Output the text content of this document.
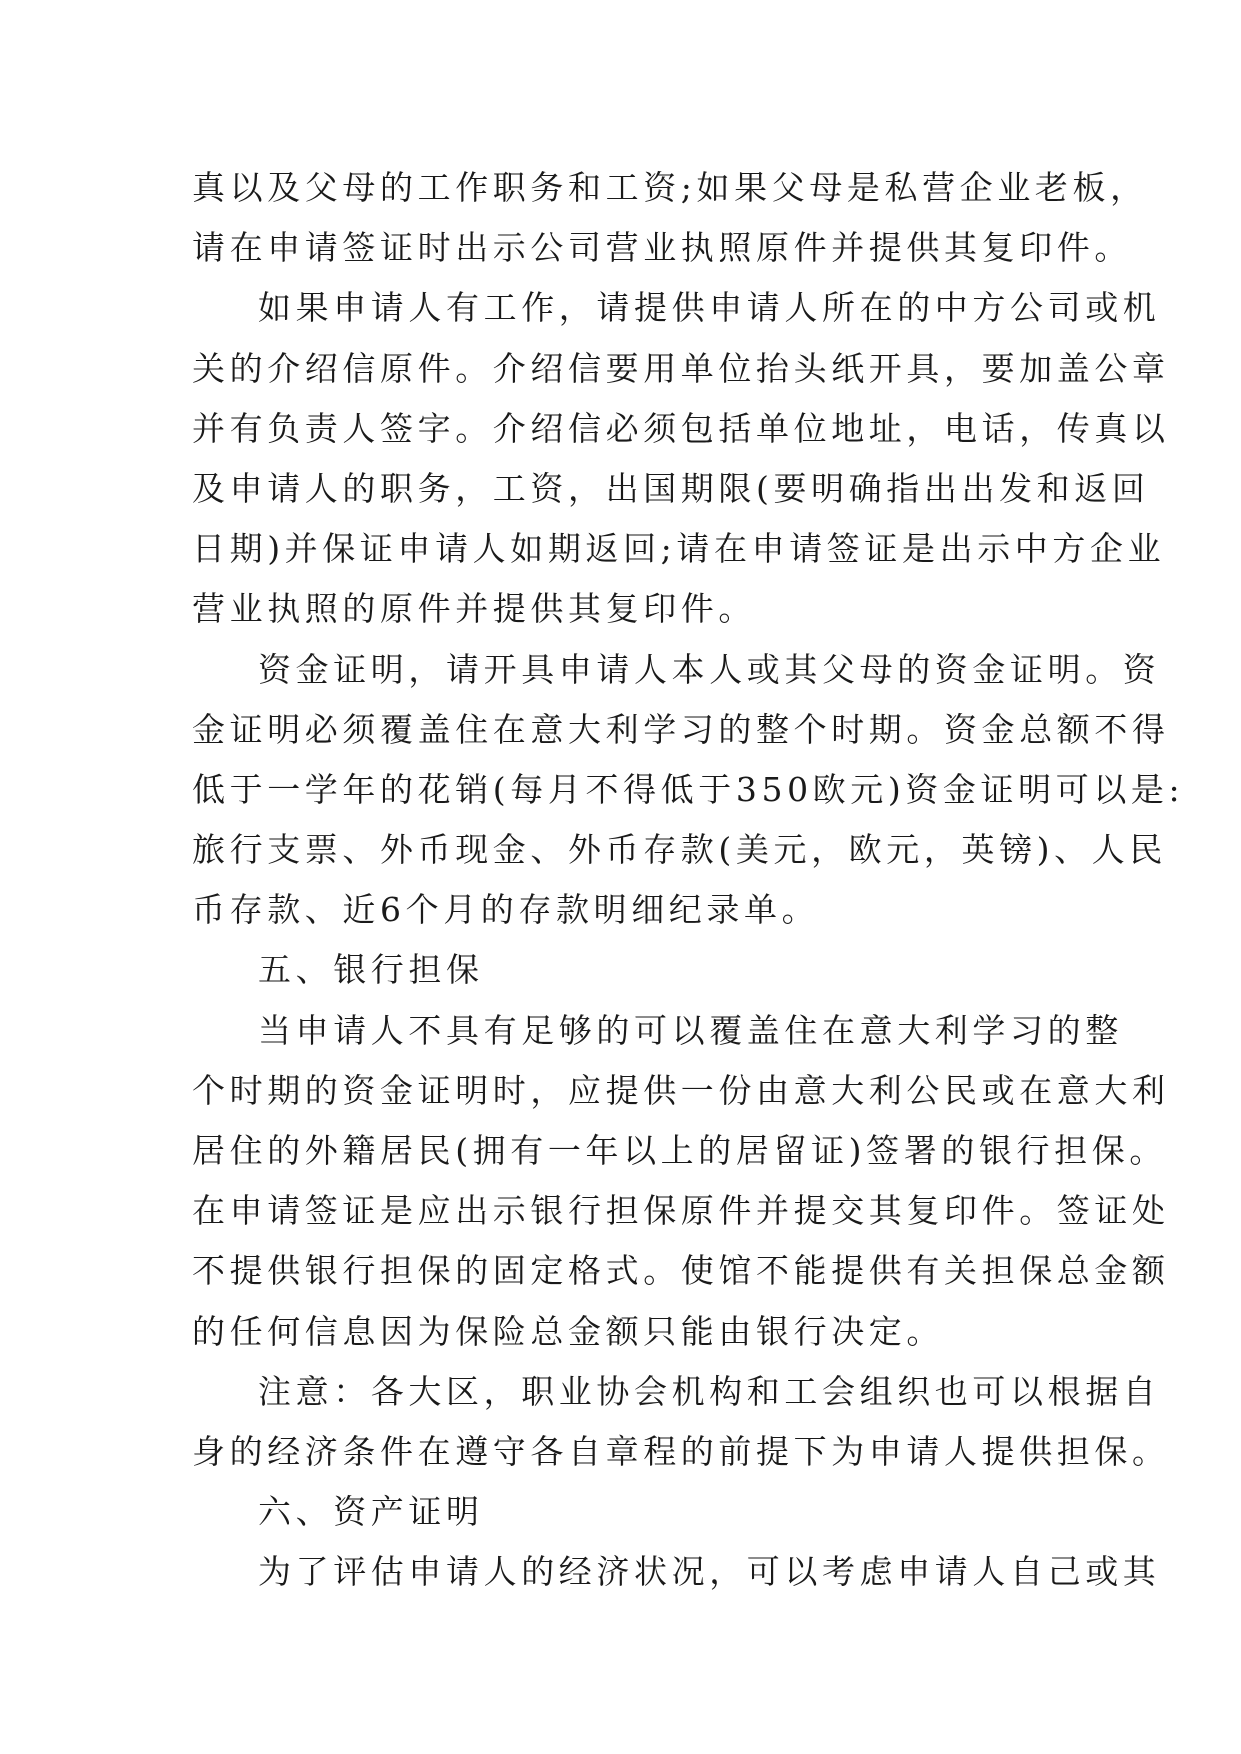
真以及父母的工作职务和工资;如果父母是私营企业老板，
请在申请签证时出示公司营业执照原件并提供其复印件。
如果申请人有工作，请提供申请人所在的中方公司或机
关的介绍信原件。介绍信要用单位抬头纸开具，要加盖公章
并有负责人签字。介绍信必须包括单位地址，电话，传真以
及申请人的职务，工资，出国期限(要明确指出出发和返回
日期)并保证申请人如期返回;请在申请签证是出示中方企业
营业执照的原件并提供其复印件。
资金证明，请开具申请人本人或其父母的资金证明。资
金证明必须覆盖住在意大利学习的整个时期。资金总额不得
低于一学年的花销(每月不得低于350欧元)资金证明可以是:
旅行支票、外币现金、外币存款(美元，欧元，英镑)、人民
币存款、近6个月的存款明细纪录单。
五、银行担保
当申请人不具有足够的可以覆盖住在意大利学习的整
个时期的资金证明时，应提供一份由意大利公民或在意大利
居住的外籍居民(拥有一年以上的居留证)签署的银行担保。
在申请签证是应出示银行担保原件并提交其复印件。签证处
不提供银行担保的固定格式。使馆不能提供有关担保总金额
的任何信息因为保险总金额只能由银行决定。
注意：各大区，职业协会机构和工会组织也可以根据自
身的经济条件在遵守各自章程的前提下为申请人提供担保。
六、资产证明
为了评估申请人的经济状况，可以考虑申请人自己或其
